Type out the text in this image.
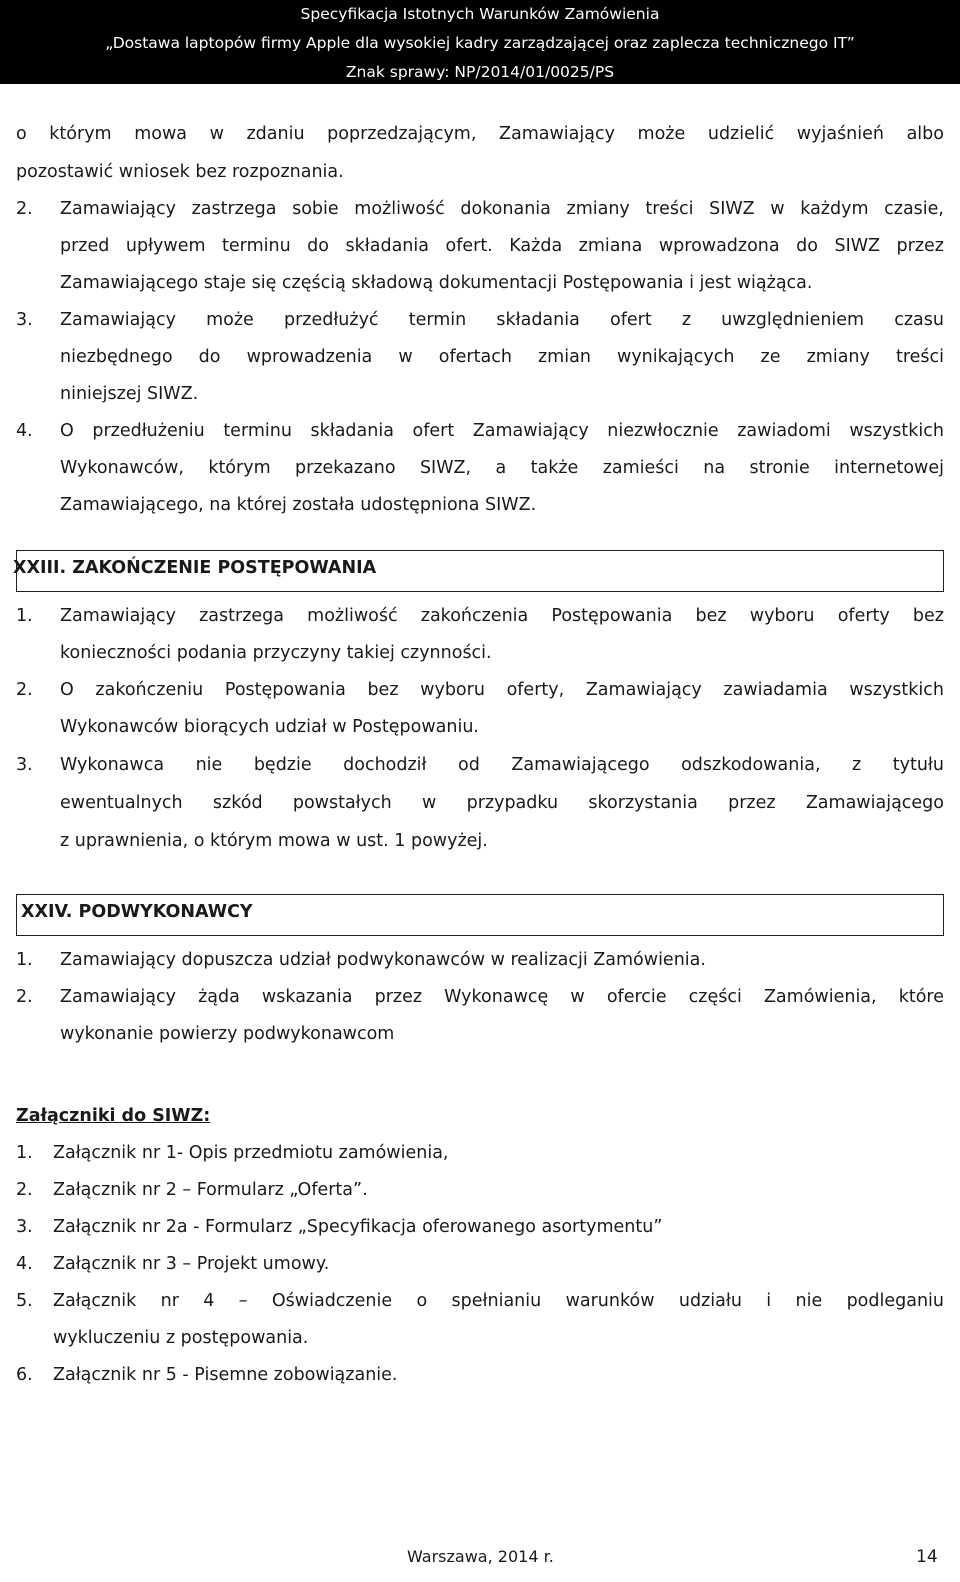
Specyfikacja Istotnych Warunków Zamówienia
„Dostawa laptopów firmy Apple dla wysokiej kadry zarządzającej oraz zaplecza technicznego IT”
Znak sprawy: NP/2014/01/0025/PS
o którym mowa w zdaniu poprzedzającym, Zamawiający może udzielić wyjaśnień albo
pozostawić wniosek bez rozpoznania.
2. Zamawiający zastrzega sobie możliwość dokonania zmiany treści SIWZ w każdym czasie,
przed upływem terminu do składania ofert. Każda zmiana wprowadzona do SIWZ przez
Zamawiającego staje się częścią składową dokumentacji Postępowania i jest wiążąca.
3. Zamawiający może przedłużyć termin składania ofert z uwzględnieniem czasu
niezbędnego do wprowadzenia w ofertach zmian wynikających ze zmiany treści
niniejszej SIWZ.
4. O przedłużeniu terminu składania ofert Zamawiający niezwłocznie zawiadomi wszystkich
Wykonawców, którym przekazano SIWZ, a także zamieści na stronie internetowej
Zamawiającego, na której została udostępniona SIWZ.
XXIII. ZAKOŃCZENIE POSTĘPOWANIA
1. Zamawiający zastrzega możliwość zakończenia Postępowania bez wyboru oferty bez
konieczności podania przyczyny takiej czynności.
2. O zakończeniu Postępowania bez wyboru oferty, Zamawiający zawiadamia wszystkich
Wykonawców biorących udział w Postępowaniu.
3. Wykonawca nie będzie dochodził od Zamawiającego odszkodowania, z tytułu
ewentualnych szkód powstałych w przypadku skorzystania przez Zamawiającego
z uprawnienia, o którym mowa w ust. 1 powyżej.
XXIV. PODWYKONAWCY
1. Zamawiający dopuszcza udział podwykonawców w realizacji Zamówienia.
2. Zamawiający żąda wskazania przez Wykonawcę w ofercie części Zamówienia, które
wykonanie powierzy podwykonawcom
Załączniki do SIWZ:
1. Załącznik nr 1- Opis przedmiotu zamówienia,
2. Załącznik nr 2 – Formularz „Oferta”.
3. Załącznik nr 2a - Formularz „Specyfikacja oferowanego asortymentu”
4. Załącznik nr 3 – Projekt umowy.
5. Załącznik nr 4 – Oświadczenie o spełnianiu warunków udziału i nie podleganiu
wykluczeniu z postępowania.
6. Załącznik nr 5 - Pisemne zobowiązanie.
Warszawa, 2014 r.	14
